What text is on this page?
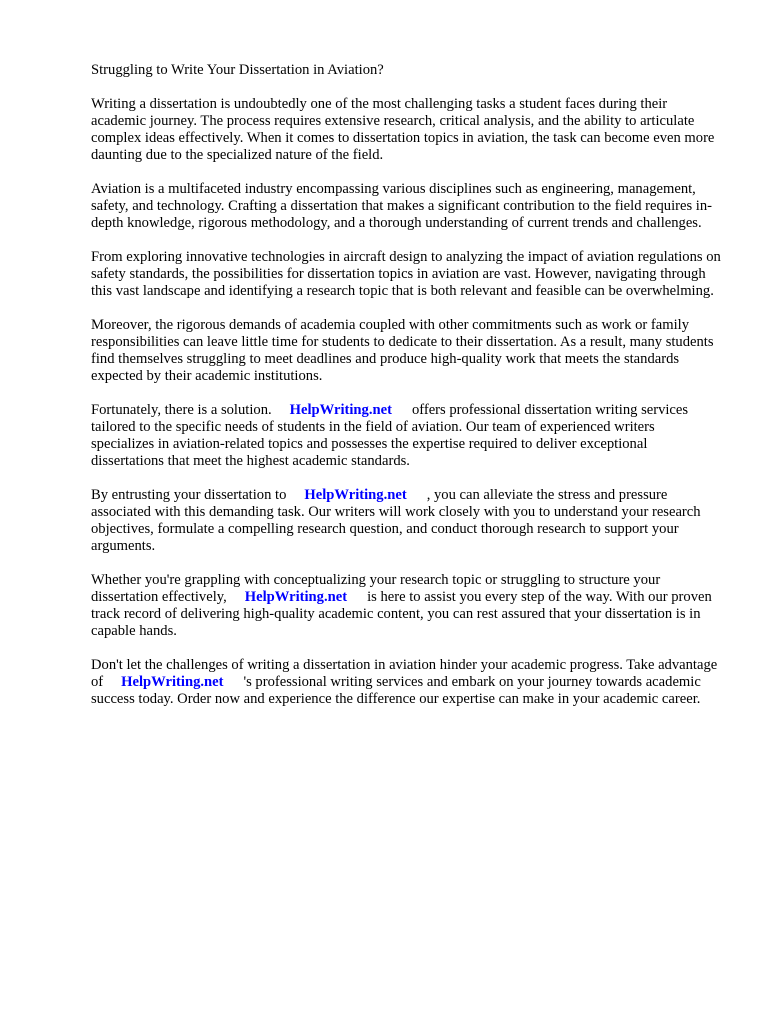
Struggling to Write Your Dissertation in Aviation?

Writing a dissertation is undoubtedly one of the most challenging tasks a student faces during their academic journey. The process requires extensive research, critical analysis, and the ability to articulate complex ideas effectively. When it comes to dissertation topics in aviation, the task can become even more daunting due to the specialized nature of the field.

Aviation is a multifaceted industry encompassing various disciplines such as engineering, management, safety, and technology. Crafting a dissertation that makes a significant contribution to the field requires in-depth knowledge, rigorous methodology, and a thorough understanding of current trends and challenges.

From exploring innovative technologies in aircraft design to analyzing the impact of aviation regulations on safety standards, the possibilities for dissertation topics in aviation are vast. However, navigating through this vast landscape and identifying a research topic that is both relevant and feasible can be overwhelming.

Moreover, the rigorous demands of academia coupled with other commitments such as work or family responsibilities can leave little time for students to dedicate to their dissertation. As a result, many students find themselves struggling to meet deadlines and produce high-quality work that meets the standards expected by their academic institutions.

Fortunately, there is a solution. HelpWriting.net offers professional dissertation writing services tailored to the specific needs of students in the field of aviation. Our team of experienced writers specializes in aviation-related topics and possesses the expertise required to deliver exceptional dissertations that meet the highest academic standards.

By entrusting your dissertation to HelpWriting.net , you can alleviate the stress and pressure associated with this demanding task. Our writers will work closely with you to understand your research objectives, formulate a compelling research question, and conduct thorough research to support your arguments.

Whether you're grappling with conceptualizing your research topic or struggling to structure your dissertation effectively, HelpWriting.net is here to assist you every step of the way. With our proven track record of delivering high-quality academic content, you can rest assured that your dissertation is in capable hands.

Don't let the challenges of writing a dissertation in aviation hinder your academic progress. Take advantage of HelpWriting.net 's professional writing services and embark on your journey towards academic success today. Order now and experience the difference our expertise can make in your academic career.
